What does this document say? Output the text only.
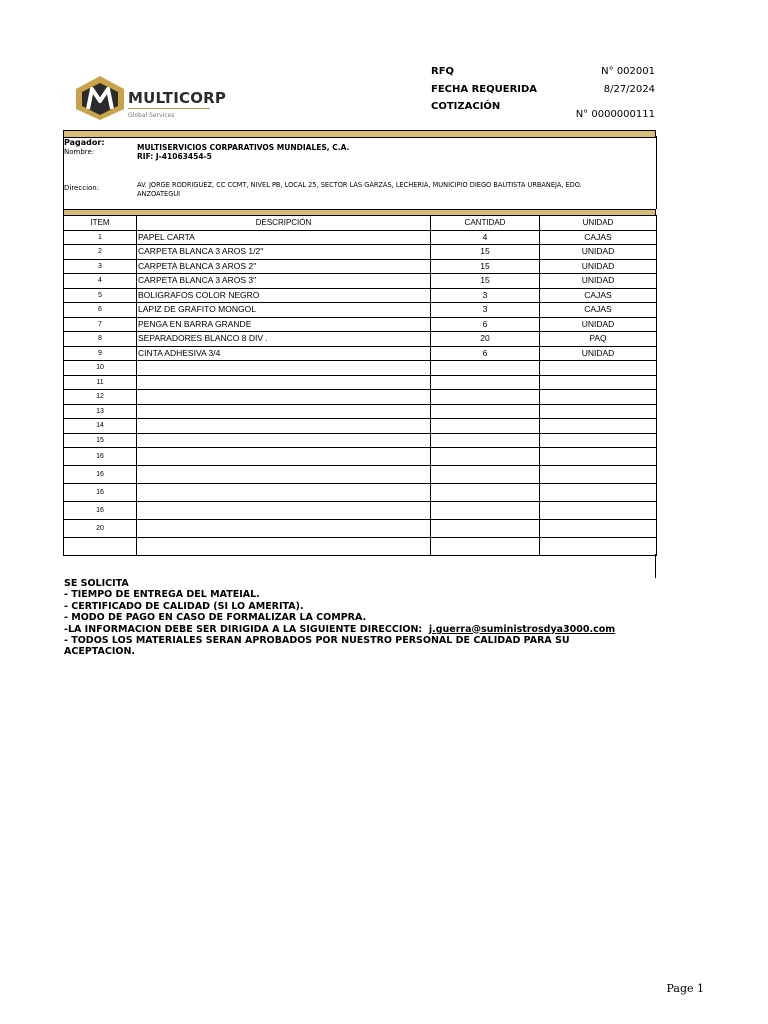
MULTICORP
Global Services
RFQ	N° 002001
FECHA REQUERIDA	8/27/2024
COTIZACIÓN
N° 0000000111
Pagador:
Nombre:	MULTISERVICIOS CORPARATIVOS MUNDIALES, C.A.
RIF: J-41063454-5
Direccion:	AV. JORGE RODRIGUEZ, CC CCMT, NIVEL PB, LOCAL 25, SECTOR LAS GARZAS, LECHERIA, MUNICIPIO DIEGO BAUTISTA URBANEJA, EDO.
ANZOATEGUI
ITEM	DESCRIPCIÓN	CANTIDAD	UNIDAD
1	PAPEL CARTA	4	CAJAS
2	CARPETA BLANCA 3 AROS 1/2"	15	UNIDAD
3	CARPETA BLANCA 3 AROS 2"	15	UNIDAD
4	CARPETA BLANCA 3 AROS 3"	15	UNIDAD
5	BOLIGRAFOS COLOR NEGRO	3	CAJAS
6	LAPIZ DE GRAFITO MONGOL	3	CAJAS
7	PENGA EN BARRA GRANDE	6	UNIDAD
8	SEPARADORES BLANCO 8 DIV .	20	PAQ
9	CINTA ADHESIVA 3/4	6	UNIDAD
10			
11			
12			
13			
14			
15			
16			
16			
16			
16			
20			

SE SOLICITA
- TIEMPO DE ENTREGA DEL MATEIAL.
- CERTIFICADO DE CALIDAD (SI LO AMERITA).
- MODO DE PAGO EN CASO DE FORMALIZAR LA COMPRA.
-LA INFORMACION DEBE SER DIRIGIDA A LA SIGUIENTE DIRECCION:  j.guerra@suministrosdya3000.com
- TODOS LOS MATERIALES SERAN APROBADOS POR NUESTRO PERSONAL DE CALIDAD PARA SU
ACEPTACION.
Page 1
